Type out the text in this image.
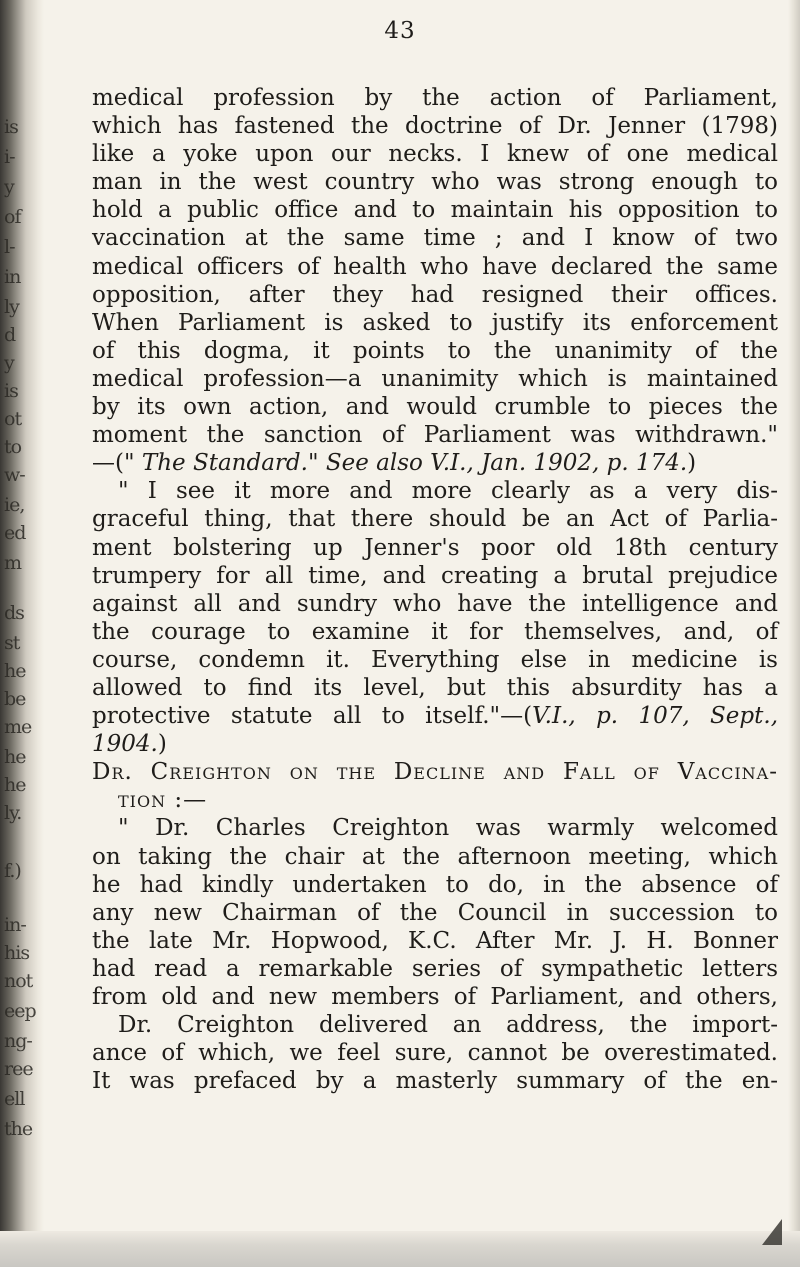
is
i-
y
of
l-
in
ly
d
y
is
ot
to
w-
ie,
ed
m
ds
st
he
be
me
he
he
ly.
f.)
in-
his
not
eep
ng-
ree
ell
the
43
medical profession by the action of Parliament,
which has fastened the doctrine of Dr. Jenner (1798)
like a yoke upon our necks. I knew of one medical
man in the west country who was strong enough to
hold a public office and to maintain his opposition to
vaccination at the same time ; and I know of two
medical officers of health who have declared the same
opposition, after they had resigned their offices.
When Parliament is asked to justify its enforcement
of this dogma, it points to the unanimity of the
medical profession—a unanimity which is maintained
by its own action, and would crumble to pieces the
moment the sanction of Parliament was withdrawn."
—(" The Standard." See also V.I., Jan. 1902, p. 174.)
" I see it more and more clearly as a very dis-
graceful thing, that there should be an Act of Parlia-
ment bolstering up Jenner's poor old 18th century
trumpery for all time, and creating a brutal prejudice
against all and sundry who have the intelligence and
the courage to examine it for themselves, and, of
course, condemn it. Everything else in medicine is
allowed to find its level, but this absurdity has a
protective statute all to itself."—(V.I., p. 107, Sept.,
1904.)
Dr. Creighton on the Decline and Fall of Vaccina-
tion :—
" Dr. Charles Creighton was warmly welcomed
on taking the chair at the afternoon meeting, which
he had kindly undertaken to do, in the absence of
any new Chairman of the Council in succession to
the late Mr. Hopwood, K.C. After Mr. J. H. Bonner
had read a remarkable series of sympathetic letters
from old and new members of Parliament, and others,
Dr. Creighton delivered an address, the import-
ance of which, we feel sure, cannot be overestimated.
It was prefaced by a masterly summary of the en-
